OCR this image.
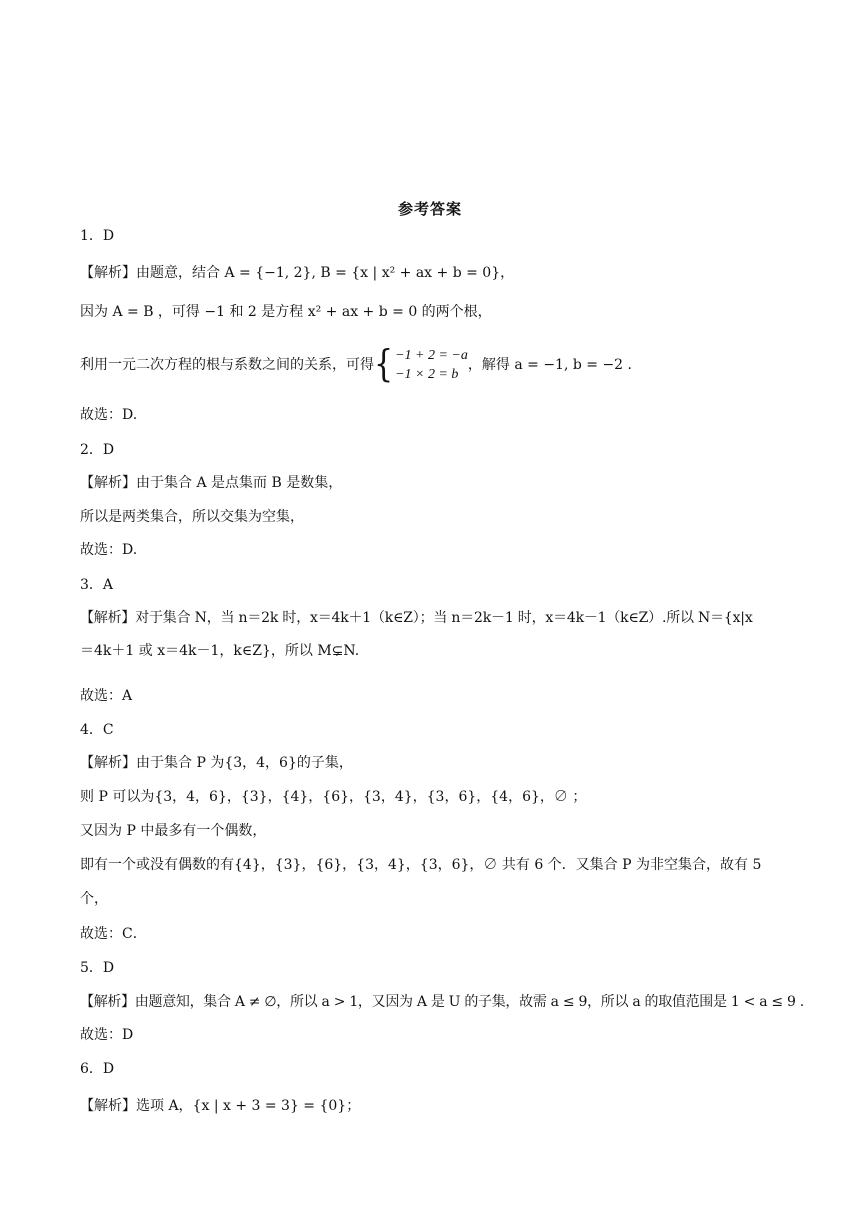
参考答案
1．D
【解析】由题意，结合 A = {−1, 2}, B = {x | x² + ax + b = 0}，
因为 A = B ，可得 −1 和 2 是方程 x² + ax + b = 0 的两个根，
利用一元二次方程的根与系数之间的关系，可得{ −1 + 2 = −a
−1 × 2 = b
，解得 a = −1, b = −2 .
故选：D.
2．D
【解析】由于集合 A 是点集而 B 是数集，
所以是两类集合，所以交集为空集，
故选：D.
3．A
【解析】对于集合 N，当 n＝2k 时，x＝4k＋1（k∈Z）；当 n＝2k－1 时，x＝4k－1（k∈Z）.所以 N＝{x|x
＝4k＋1 或 x＝4k－1，k∈Z}，所以 M⊊N.
故选：A
4．C
【解析】由于集合 P 为{3，4，6}的子集，
则 P 可以为{3，4，6}，{3}，{4}，{6}，{3，4}，{3，6}，{4，6}，∅ ；
又因为 P 中最多有一个偶数，
即有一个或没有偶数的有{4}，{3}，{6}，{3，4}，{3，6}，∅ 共有 6 个．又集合 P 为非空集合，故有 5
个，
故选：C．
5．D
【解析】由题意知，集合 A ≠ ∅，所以 a > 1，又因为 A 是 U 的子集，故需 a ≤ 9，所以 a 的取值范围是 1 < a ≤ 9 .
故选：D
6．D
【解析】选项 A，{x | x + 3 = 3} = {0}；
